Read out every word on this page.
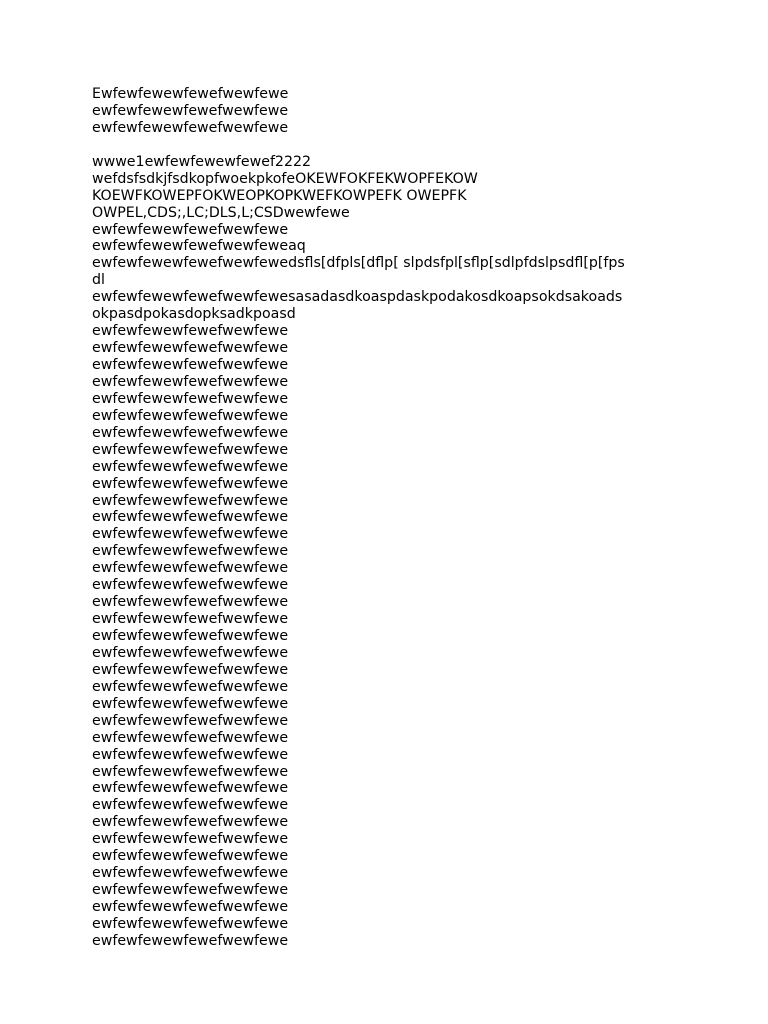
Ewfewfewewfewefwewfewe
ewfewfewewfewefwewfewe
ewfewfewewfewefwewfewe
wwwe1ewfewfewewfewef2222
wefdsfsdkjfsdkopfwoekpkofeOKEWFOKFEKWOPFEKOW
KOEWFKOWEPFOKWEOPKOPKWEFKOWPEFK OWEPFK
OWPEL,CDS;,LC;DLS,L;CSDwewfewe
ewfewfewewfewefwewfewe
ewfewfewewfewefwewfeweaq
ewfewfewewfewefwewfewedsfls[dfpls[dflp[ slpdsfpl[sflp[sdlpfdslpsdfl[p[fps
dl
ewfewfewewfewefwewfewesasadasdkoaspdaskpodakosdkoapsokdsakoads
okpasdpokasdopksadkpoasd
ewfewfewewfewefwewfewe
ewfewfewewfewefwewfewe
ewfewfewewfewefwewfewe
ewfewfewewfewefwewfewe
ewfewfewewfewefwewfewe
ewfewfewewfewefwewfewe
ewfewfewewfewefwewfewe
ewfewfewewfewefwewfewe
ewfewfewewfewefwewfewe
ewfewfewewfewefwewfewe
ewfewfewewfewefwewfewe
ewfewfewewfewefwewfewe
ewfewfewewfewefwewfewe
ewfewfewewfewefwewfewe
ewfewfewewfewefwewfewe
ewfewfewewfewefwewfewe
ewfewfewewfewefwewfewe
ewfewfewewfewefwewfewe
ewfewfewewfewefwewfewe
ewfewfewewfewefwewfewe
ewfewfewewfewefwewfewe
ewfewfewewfewefwewfewe
ewfewfewewfewefwewfewe
ewfewfewewfewefwewfewe
ewfewfewewfewefwewfewe
ewfewfewewfewefwewfewe
ewfewfewewfewefwewfewe
ewfewfewewfewefwewfewe
ewfewfewewfewefwewfewe
ewfewfewewfewefwewfewe
ewfewfewewfewefwewfewe
ewfewfewewfewefwewfewe
ewfewfewewfewefwewfewe
ewfewfewewfewefwewfewe
ewfewfewewfewefwewfewe
ewfewfewewfewefwewfewe
ewfewfewewfewefwewfewe
